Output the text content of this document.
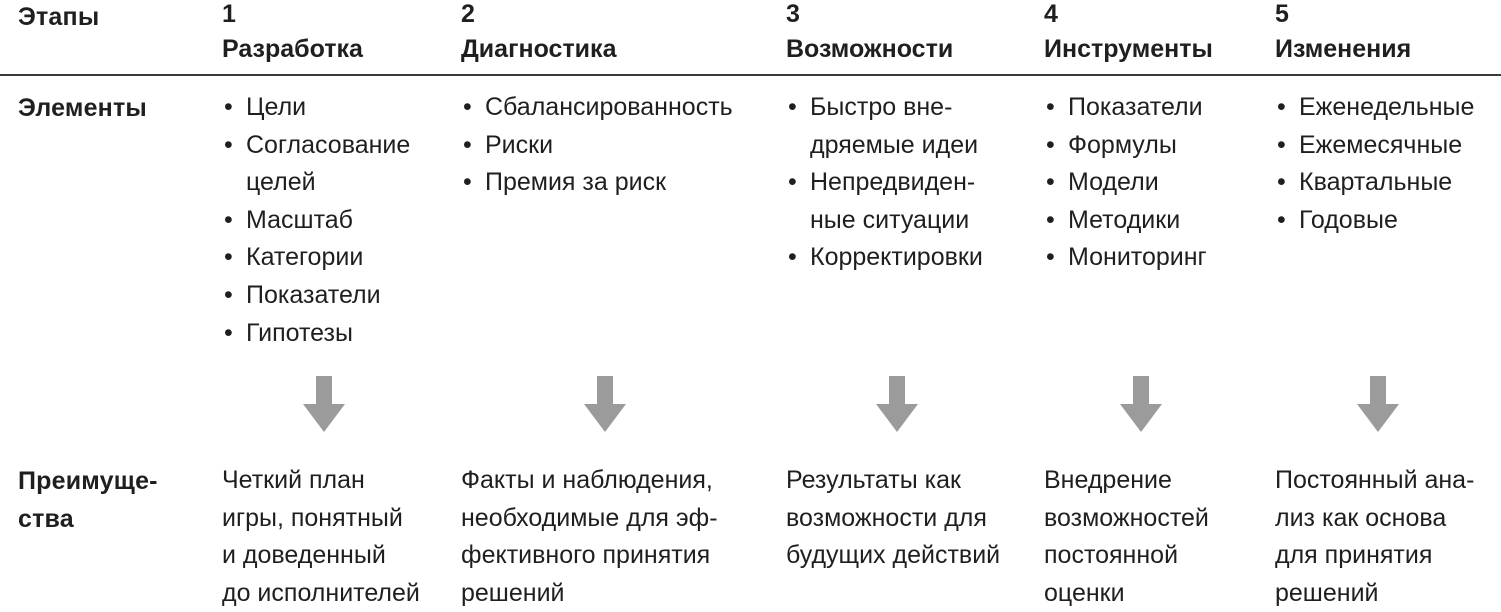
Этапы
Элементы
Преимуще-
ства
1
Разработка
• Цели
• Согласование
целей
• Масштаб
• Категории
• Показатели
• Гипотезы
Четкий план
игры, понятный
и доведенный
до исполнителей
2
Диагностика
• Сбалансированность
• Риски
• Премия за риск
Факты и наблюдения,
необходимые для эф-
фективного принятия
решений
3
Возможности
• Быстро вне-
дряемые идеи
• Непредвиден-
ные ситуации
• Корректировки
Результаты как
возможности для
будущих действий
4
Инструменты
• Показатели
• Формулы
• Модели
• Методики
• Мониторинг
Внедрение
возможностей
постоянной
оценки
5
Изменения
• Еженедельные
• Ежемесячные
• Квартальные
• Годовые
Постоянный ана-
лиз как основа
для принятия
решений
